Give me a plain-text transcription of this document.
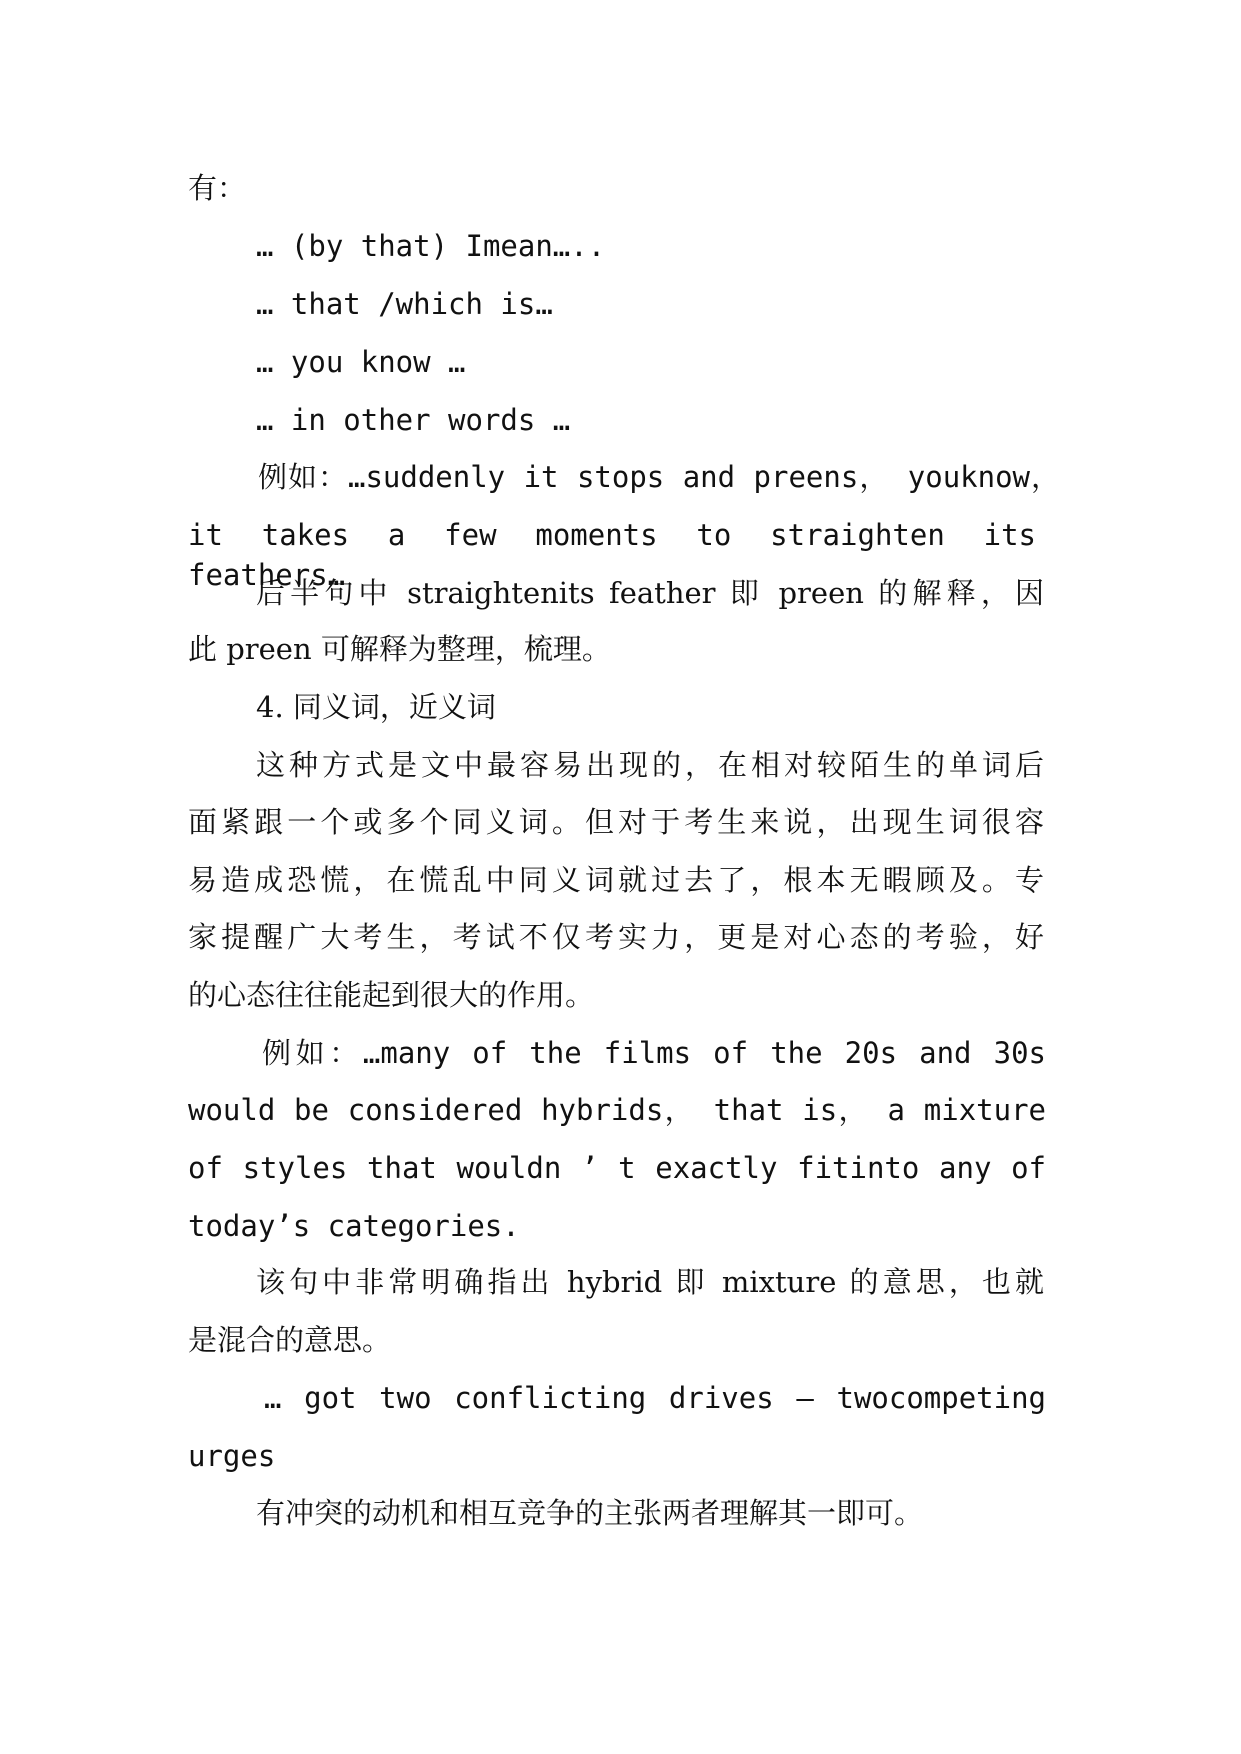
有：
… (by that) Imean…..
… that /which is…
… you know …
… in other words …
例如：…suddenly it stops and preens， youknow，
it takes a few moments to straighten its feathers…
后半句中 straightenits feather 即 preen 的解释，因
此 preen 可解释为整理，梳理。
4. 同义词，近义词
这种方式是文中最容易出现的，在相对较陌生的单词后
面紧跟一个或多个同义词。但对于考生来说，出现生词很容
易造成恐慌，在慌乱中同义词就过去了，根本无暇顾及。专
家提醒广大考生，考试不仅考实力，更是对心态的考验，好
的心态往往能起到很大的作用。
例如：…many of the films of the 20s and 30s
would be considered hybrids， that is， a mixture
of styles that wouldn ’ t exactly fitinto any of
today’s categories.
该句中非常明确指出 hybrid 即 mixture 的意思，也就
是混合的意思。
… got two conflicting drives – twocompeting
urges
有冲突的动机和相互竞争的主张两者理解其一即可。
